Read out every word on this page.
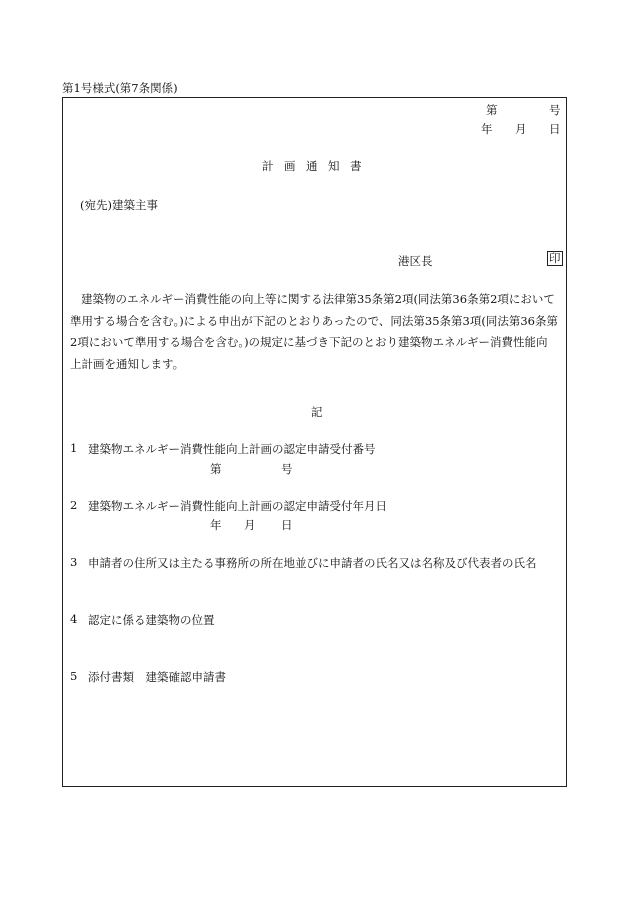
第1号様式(第7条関係)
第	号
年 月 日
計 画 通 知 書
(宛先)建築主事
港区長	印
建築物のエネルギー消費性能の向上等に関する法律第35条第2項(同法第36条第2項において
準用する場合を含む。)による申出が下記のとおりあったので、同法第35条第3項(同法第36条第
2項において準用する場合を含む。)の規定に基づき下記のとおり建築物エネルギー消費性能向
上計画を通知します。
記
1 建築物エネルギー消費性能向上計画の認定申請受付番号
第	号
2 建築物エネルギー消費性能向上計画の認定申請受付年月日
年 月 日
3 申請者の住所又は主たる事務所の所在地並びに申請者の氏名又は名称及び代表者の氏名
4 認定に係る建築物の位置
5 添付書類　建築確認申請書
